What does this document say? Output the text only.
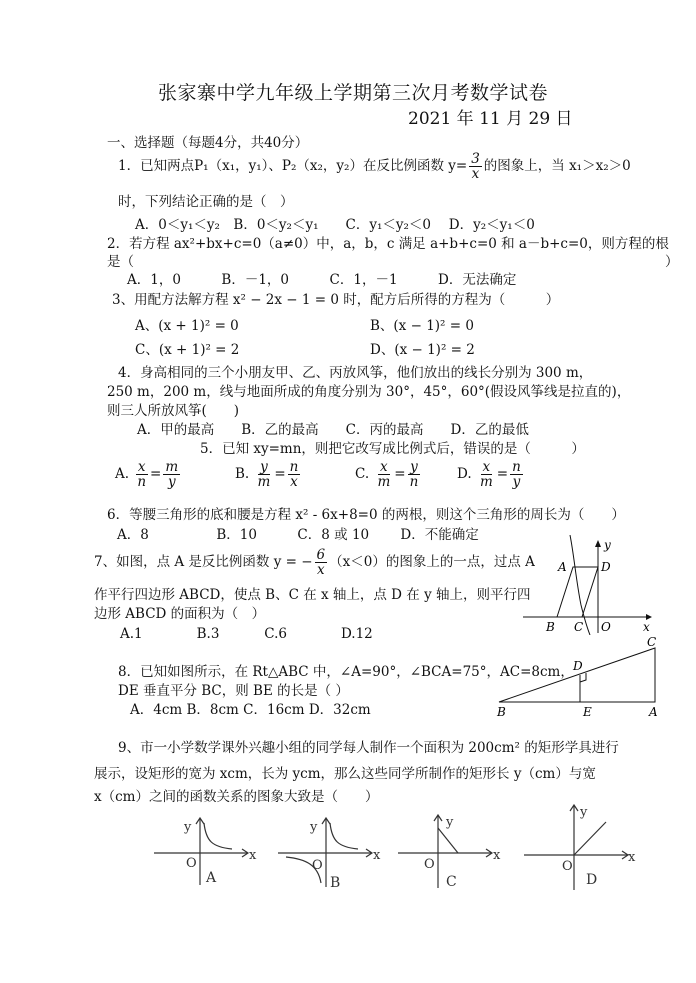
张家寨中学九年级上学期第三次月考数学试卷
2021 年 11 月 29 日
一、选择题（每题4分，共40分）
1．已知两点P₁（x₁，y₁）、P₂（x₂，y₂）在反比例函数 $y= \frac{3}{x}$ 的图象上，当 x₁＞x₂＞0
时，下列结论正确的是（　）
A．0＜y₁＜y₂　B．0＜y₂＜y₁　　C．y₁＜y₂＜0　 D．y₂＜y₁＜0
2．若方程 ax²+bx+c=0（a≠0）中，a，b，c 满足 a+b+c=0 和 a－b+c=0，则方程的根
是（	）
A．1，0　　　B．－1，0　　　C．1，－1　　　D．无法确定
3、用配方法解方程 x² − 2x − 1 = 0 时，配方后所得的方程为（　　　）
A、(x + 1)² = 0	B、(x − 1)² = 0
C、(x + 1)² = 2	D、(x − 1)² = 2
4．身高相同的三个小朋友甲、乙、丙放风筝，他们放出的线长分别为 300 m，
250 m，200 m，线与地面所成的角度分别为 30°，45°，60°(假设风筝线是拉直的)，
则三人所放风筝(　　)
A．甲的最高　　B．乙的最高　　C．丙的最高　　D．乙的最低
5．已知 xy=mn，则把它改写成比例式后，错误的是（　　　）
A. $\frac{x}{n} = \frac{m}{y}$	B. $\frac{y}{m} = \frac{n}{x}$	C. $\frac{x}{m} = \frac{y}{n}$	D. $\frac{x}{m} = \frac{n}{y}$
6．等腰三角形的底和腰是方程 x² - 6x+8=0 的两根，则这个三角形的周长为（　　）
A．8　　　　　B．10　　　C．8 或 10　　 D．不能确定
7、如图，点 A 是反比例函数 y = − $\frac{6}{x} (x<0)$的图象上的一点，过点 A
作平行四边形 ABCD，使点 B、C 在 x 轴上，点 D 在 y 轴上，则平行四
边形 ABCD 的面积为（　）
A.1　　　　B.3　　　 C.6　　　　D.12
A	D
B C O	x
y
8．已知如图所示，在 Rt△ABC 中，∠A=90°，∠BCA=75°，AC=8cm，
DE 垂直平分 BC，则 BE 的长是（ ）
A．4cm B．8cm C．16cm D．32cm	B	E	A
C
D
9、市一小学数学课外兴趣小组的同学每人制作一个面积为 200cm² 的矩形学具进行
展示，设矩形的宽为 xcm，长为 ycm，那么这些同学所制作的矩形长 y（cm）与宽
x（cm）之间的函数关系的图象大致是（　　）
y
O
x
A
y
O
x
B
y
O
x
C
y
O
x
D
